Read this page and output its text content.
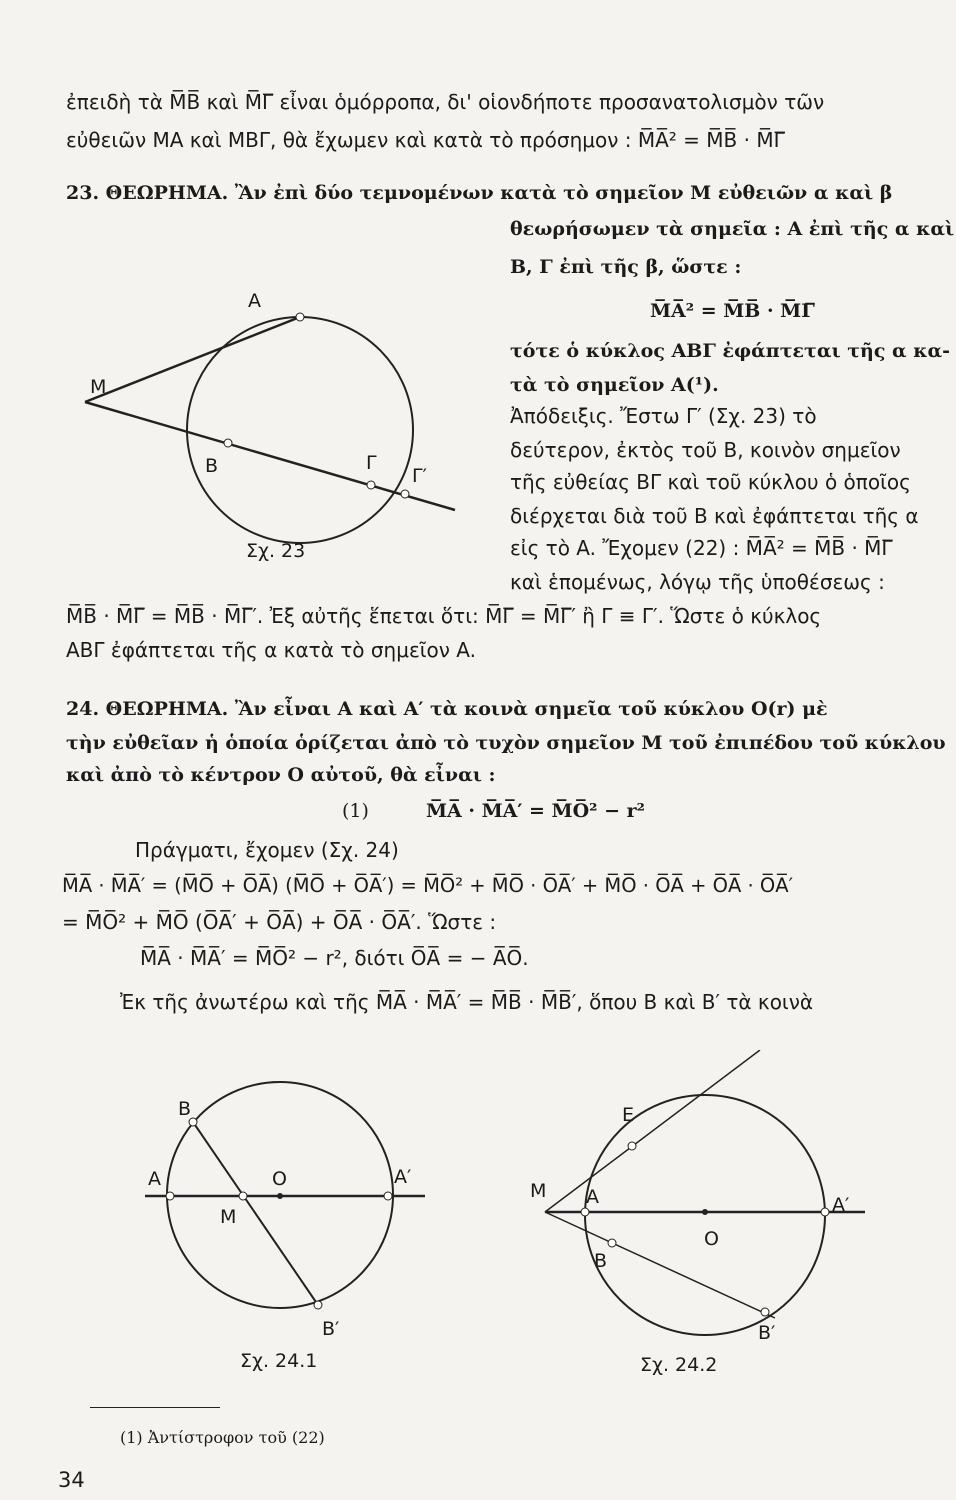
ἐπειδὴ τὰ M̅B̅ καὶ M̅Γ̅ εἶναι ὁμόρροπα, δι' οἱονδήποτε προσανατολισμὸν τῶν
εὐθειῶν MA καὶ MBΓ, θὰ ἔχωμεν καὶ κατὰ τὸ πρόσημον : M̅A̅² = M̅B̅ · M̅Γ̅
23. ΘΕΩΡΗΜΑ. Ἂν ἐπὶ δύο τεμνομένων κατὰ τὸ σημεῖον M εὐθειῶν α καὶ β
θεωρήσωμεν τὰ σημεῖα : A ἐπὶ τῆς α καὶ
B, Γ ἐπὶ τῆς β, ὥστε :
M̅A̅² = M̅B̅ · M̅Γ̅
τότε ὁ κύκλος ABΓ ἐφάπτεται τῆς α κα-
τὰ τὸ σημεῖον A(¹).
Ἀπόδειξις. Ἔστω Γ′ (Σχ. 23) τὸ
δεύτερον, ἐκτὸς τοῦ B, κοινὸν σημεῖον
τῆς εὐθείας BΓ καὶ τοῦ κύκλου ὁ ὁποῖος
διέρχεται διὰ τοῦ B καὶ ἐφάπτεται τῆς α
εἰς τὸ A. Ἔχομεν (22) : M̅A̅² = M̅B̅ · M̅Γ̅
καὶ ἑπομένως, λόγῳ τῆς ὑποθέσεως :
M̅B̅ · M̅Γ̅ = M̅B̅ · M̅Γ̅′. Ἐξ αὐτῆς ἕπεται ὅτι: M̅Γ̅ = M̅Γ̅′ ἢ Γ ≡ Γ′. Ὥστε ὁ κύκλος
ABΓ ἐφάπτεται τῆς α κατὰ τὸ σημεῖον A.
A
M
B	Γ
Γ′
Σχ. 23
24. ΘΕΩΡΗΜΑ. Ἂν εἶναι A καὶ A′ τὰ κοινὰ σημεῖα τοῦ κύκλου O(r) μὲ
τὴν εὐθεῖαν ἡ ὁποία ὁρίζεται ἀπὸ τὸ τυχὸν σημεῖον M τοῦ ἐπιπέδου τοῦ κύκλου
καὶ ἀπὸ τὸ κέντρον O αὐτοῦ, θὰ εἶναι :
(1)	M̅A̅ · M̅A̅′ = M̅O̅² − r²
Πράγματι, ἔχομεν (Σχ. 24)
M̅A̅ · M̅A̅′ = (M̅O̅ + O̅A̅) (M̅O̅ + O̅A̅′) = M̅O̅² + M̅O̅ · O̅A̅′ + M̅O̅ · O̅A̅ + O̅A̅ · O̅A̅′
= M̅O̅² + M̅O̅ (O̅A̅′ + O̅A̅) + O̅A̅ · O̅A̅′. Ὥστε :
M̅A̅ · M̅A̅′ = M̅O̅² − r², διότι O̅A̅ = − A̅O̅.
Ἐκ τῆς ἀνωτέρω καὶ τῆς M̅A̅ · M̅A̅′ = M̅B̅ · M̅B̅′, ὅπου B καὶ B′ τὰ κοινὰ
B
A	O	A′
M
B′
Σχ. 24.1
E
M A	A′
O
B
B′
Σχ. 24.2
(1) Ἀντίστροφον τοῦ (22)
34
